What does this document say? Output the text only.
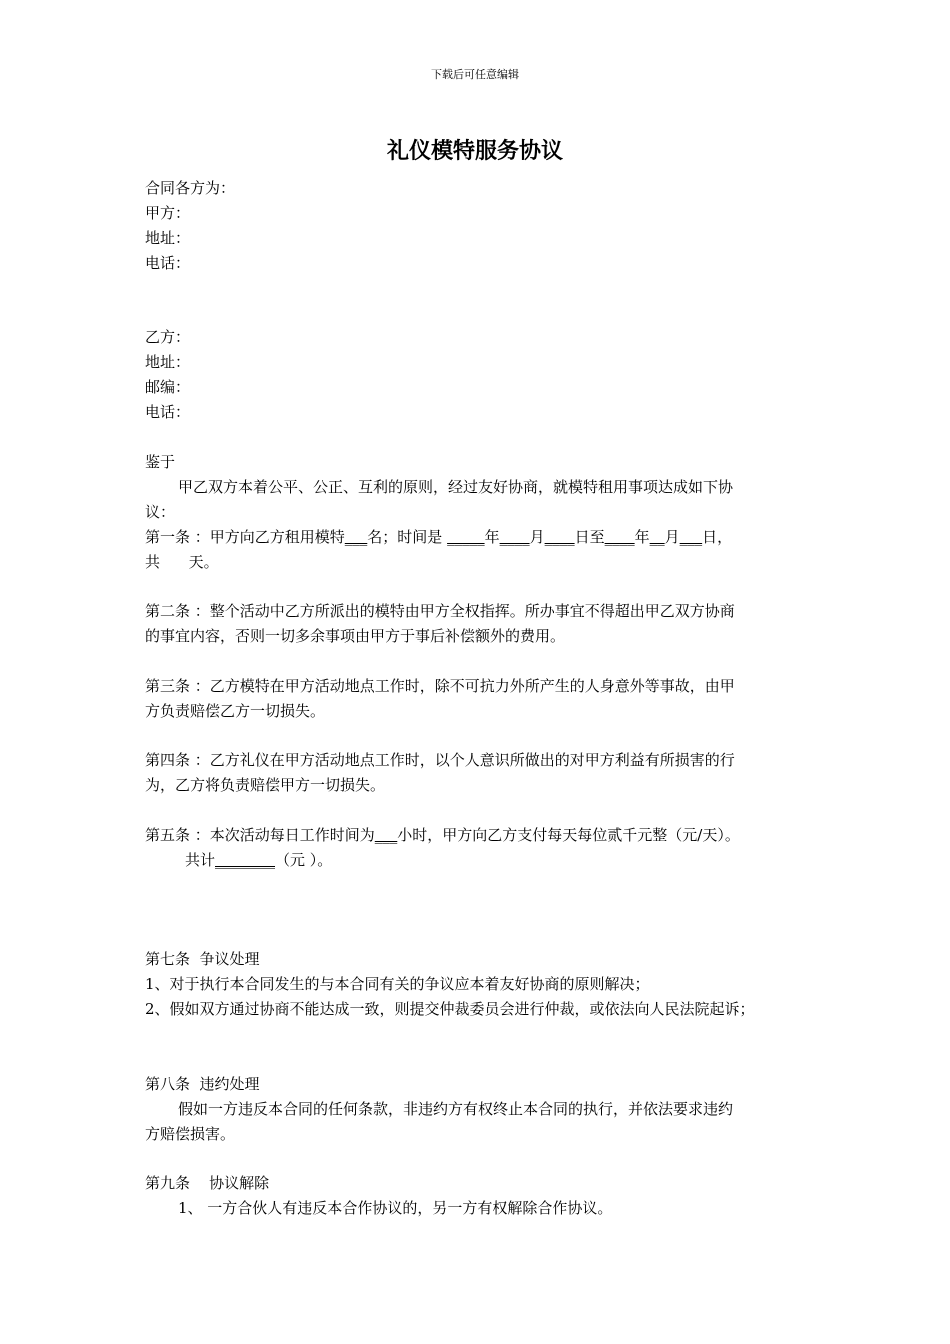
下载后可任意编辑
礼仪模特服务协议
合同各方为：
甲方：
地址：
电话：
乙方：
地址：
邮编：
电话：
鉴于
甲乙双方本着公平、公正、互利的原则，经过友好协商，就模特租用事项达成如下协
议：
第一条 ：甲方向乙方租用模特___名；时间是 _____年____月____日至____年__月___日，
共      天。
第二条 ：整个活动中乙方所派出的模特由甲方全权指挥。所办事宜不得超出甲乙双方协商
的事宜内容，否则一切多余事项由甲方于事后补偿额外的费用。
第三条 ：乙方模特在甲方活动地点工作时，除不可抗力外所产生的人身意外等事故，由甲
方负责赔偿乙方一切损失。
第四条 ：乙方礼仪在甲方活动地点工作时，以个人意识所做出的对甲方利益有所损害的行
为，乙方将负责赔偿甲方一切损失。
第五条 ：本次活动每日工作时间为___小时，甲方向乙方支付每天每位贰千元整（元/天）。
共计________（元 ）。
第七条  争议处理
1、对于执行本合同发生的与本合同有关的争议应本着友好协商的原则解决；
2、假如双方通过协商不能达成一致，则提交仲裁委员会进行仲裁，或依法向人民法院起诉；
第八条  违约处理
假如一方违反本合同的任何条款，非违约方有权终止本合同的执行，并依法要求违约
方赔偿损害。
第九条    协议解除
1、 一方合伙人有违反本合作协议的，另一方有权解除合作协议。
